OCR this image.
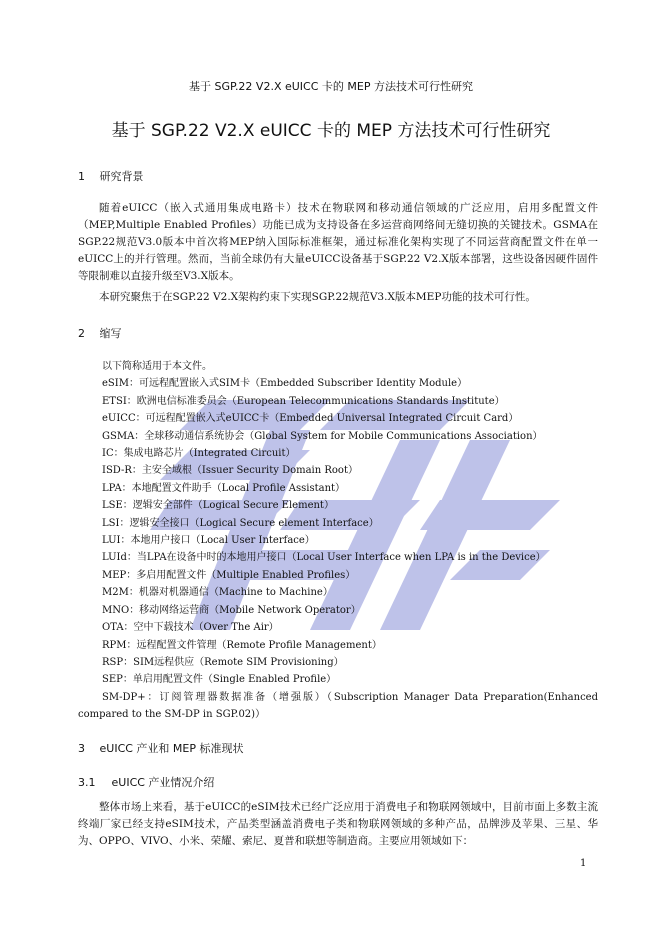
基于 SGP.22 V2.X eUICC 卡的 MEP 方法技术可行性研究
基于 SGP.22 V2.X eUICC 卡的 MEP 方法技术可行性研究
1 研究背景
随着eUICC（嵌入式通用集成电路卡）技术在物联网和移动通信领域的广泛应用，启用多配置文件（MEP,Multiple Enabled Profiles）功能已成为支持设备在多运营商网络间无缝切换的关键技术。GSMA在SGP.22规范V3.0版本中首次将MEP纳入国际标准框架，通过标准化架构实现了不同运营商配置文件在单一eUICC上的并行管理。然而，当前全球仍有大量eUICC设备基于SGP.22 V2.X版本部署，这些设备因硬件固件等限制难以直接升级至V3.X版本。
本研究聚焦于在SGP.22 V2.X架构约束下实现SGP.22规范V3.X版本MEP功能的技术可行性。
2 缩写
以下简称适用于本文件。
eSIM：可远程配置嵌入式SIM卡（Embedded Subscriber Identity Module）
ETSI：欧洲电信标准委员会（European Telecommunications Standards Institute）
eUICC：可远程配置嵌入式eUICC卡（Embedded Universal Integrated Circuit Card）
GSMA：全球移动通信系统协会（Global System for Mobile Communications Association）
IC：集成电路芯片（Integrated Circuit）
ISD-R：主安全域根（Issuer Security Domain Root）
LPA：本地配置文件助手（Local Profile Assistant）
LSE：逻辑安全部件（Logical Secure Element）
LSI：逻辑安全接口（Logical Secure element Interface）
LUI：本地用户接口（Local User Interface）
LUId：当LPA在设备中时的本地用户接口（Local User Interface when LPA is in the Device）
MEP：多启用配置文件（Multiple Enabled Profiles）
M2M：机器对机器通信（Machine to Machine）
MNO：移动网络运营商（Mobile Network Operator）
OTA：空中下载技术（Over The Air）
RPM：远程配置文件管理（Remote Profile Management）
RSP：SIM远程供应（Remote SIM Provisioning）
SEP：单启用配置文件（Single Enabled Profile）
SM-DP+：订阅管理器数据准备（增强版）（Subscription Manager Data Preparation(Enhanced compared to the SM-DP in SGP.02)）
3 eUICC 产业和 MEP 标准现状
3.1 eUICC 产业情况介绍
整体市场上来看，基于eUICC的eSIM技术已经广泛应用于消费电子和物联网领域中，目前市面上多数主流终端厂家已经支持eSIM技术，产品类型涵盖消费电子类和物联网领域的多种产品，品牌涉及苹果、三星、华为、OPPO、VIVO、小米、荣耀、索尼、夏普和联想等制造商。主要应用领域如下：
1
